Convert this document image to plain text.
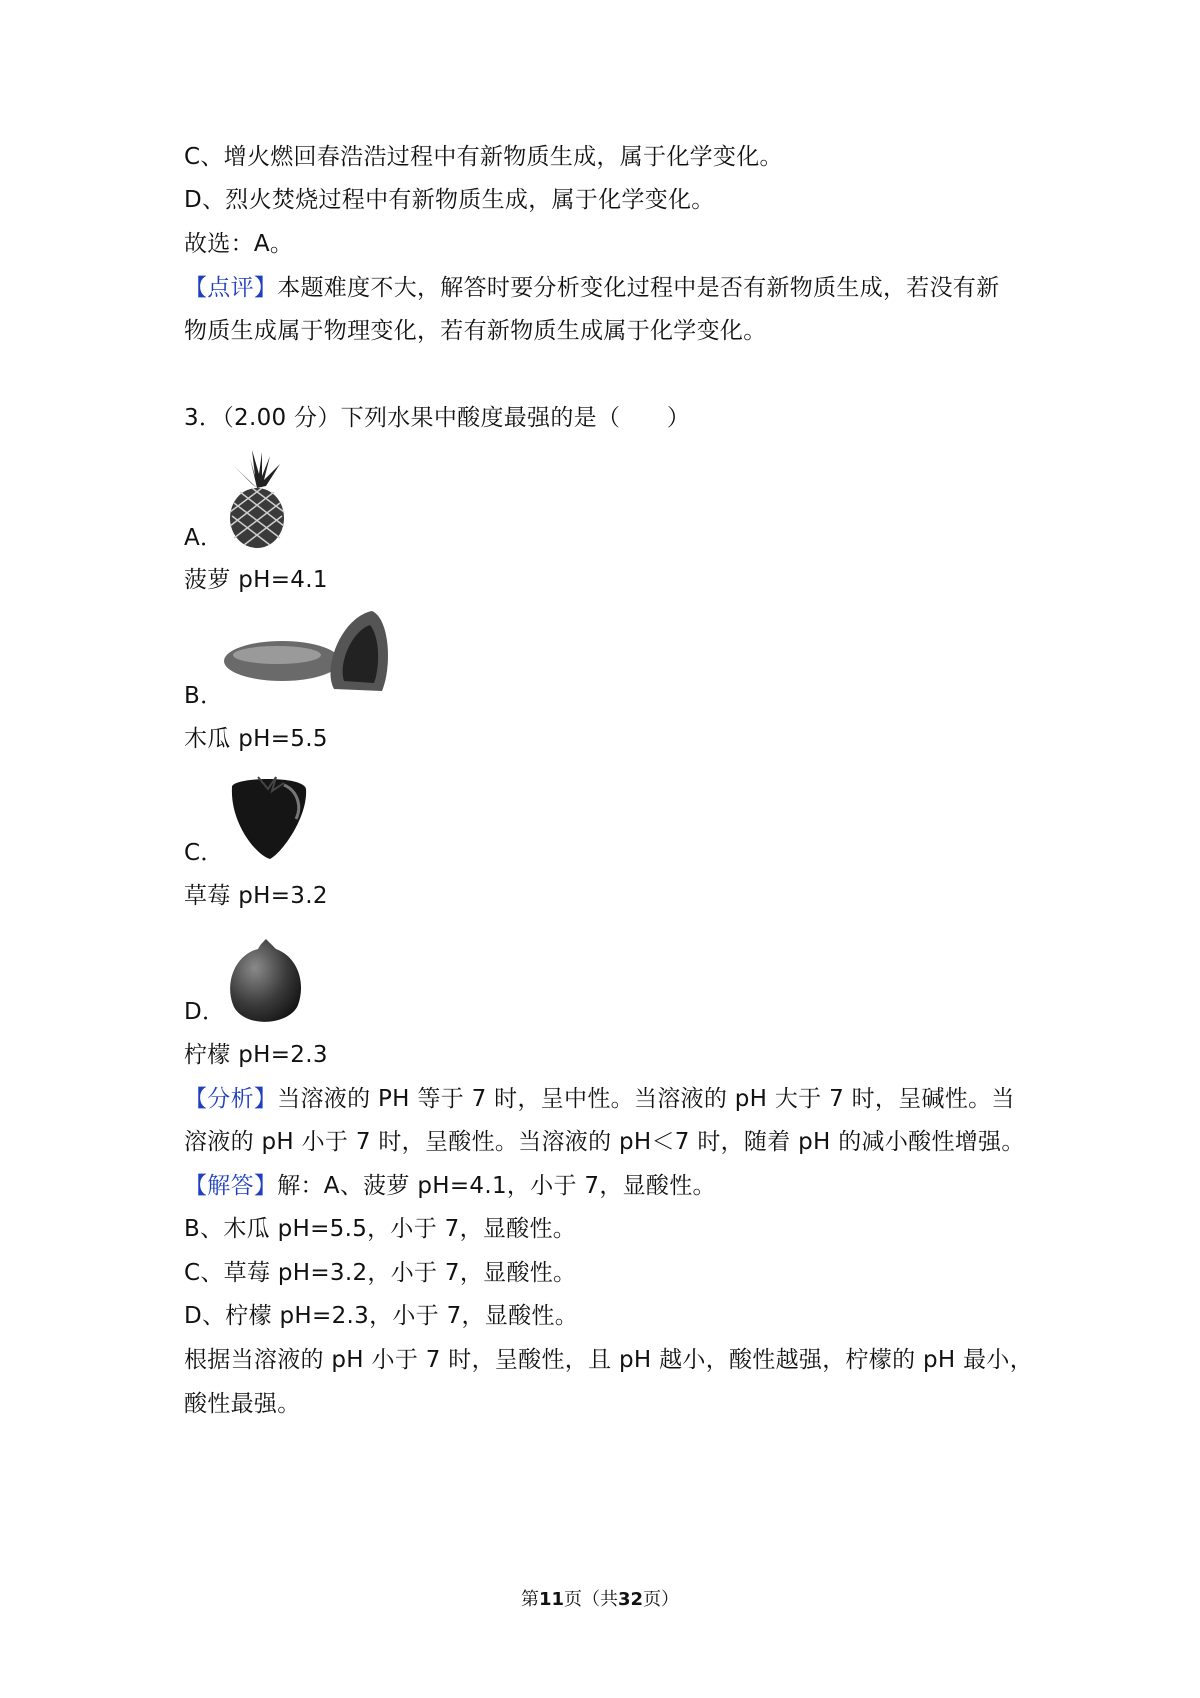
C、增火燃回春浩浩过程中有新物质生成，属于化学变化。
D、烈火焚烧过程中有新物质生成，属于化学变化。
故选：A。
【点评】本题难度不大，解答时要分析变化过程中是否有新物质生成，若没有新
物质生成属于物理变化，若有新物质生成属于化学变化。
3．（2.00 分）下列水果中酸度最强的是（　　）
A．
菠萝 pH=4.1
B．
木瓜 pH=5.5
C．
草莓 pH=3.2
D．
柠檬 pH=2.3
【分析】当溶液的 PH 等于 7 时，呈中性。当溶液的 pH 大于 7 时，呈碱性。当
溶液的 pH 小于 7 时，呈酸性。当溶液的 pH＜7 时，随着 pH 的减小酸性增强。
【解答】解：A、菠萝 pH=4.1，小于 7，显酸性。
B、木瓜 pH=5.5，小于 7，显酸性。
C、草莓 pH=3.2，小于 7，显酸性。
D、柠檬 pH=2.3，小于 7，显酸性。
根据当溶液的 pH 小于 7 时，呈酸性，且 pH 越小，酸性越强，柠檬的 pH 最小，
酸性最强。
第11页（共32页）
